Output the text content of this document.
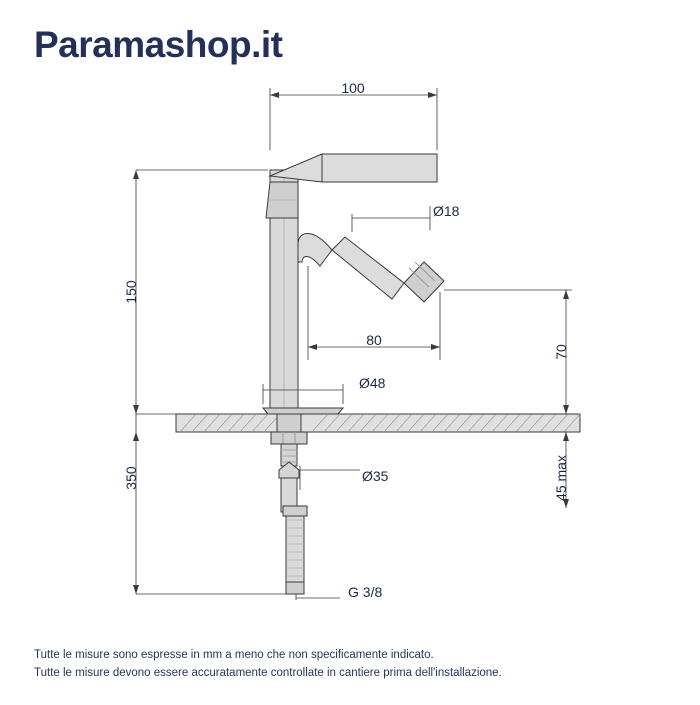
Paramashop.it
100
Ø18
150
80
70
Ø48
350	Ø35	45 max
G 3/8
Tutte le misure sono espresse in mm a meno che non specificamente indicato.
Tutte le misure devono essere accuratamente controllate in cantiere prima dell'installazione.
